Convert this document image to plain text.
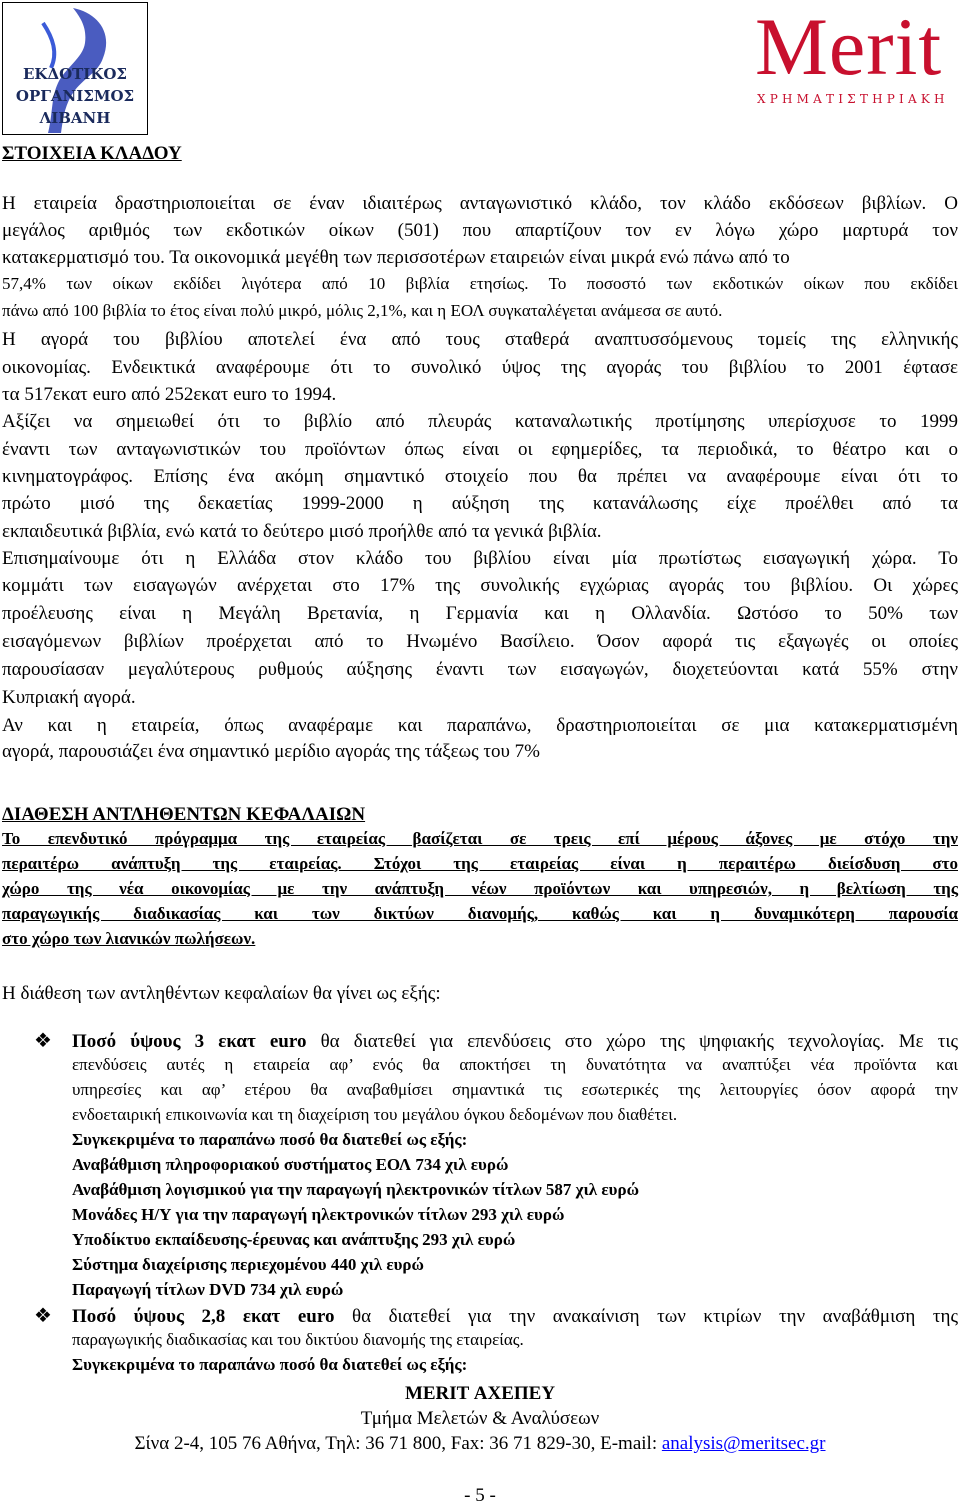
ΕΚΔΟΤΙΚΟΣ
ΟΡΓΑΝΙΣΜΟΣ
ΛΙΒΑΝΗ
Merit
ΧΡΗΜΑΤΙΣΤΗΡΙΑΚΗ
ΣΤΟΙΧΕΙΑ ΚΛΑΔΟΥ
Η εταιρεία δραστηριοποιείται σε έναν ιδιαιτέρως ανταγωνιστικό κλάδο, τον κλάδο εκδόσεων βιβλίων. Ο
μεγάλος αριθμός των εκδοτικών οίκων (501) που απαρτίζουν τον εν λόγω χώρο μαρτυρά τον
κατακερματισμό του. Τα οικονομικά μεγέθη των περισσοτέρων εταιρειών είναι μικρά ενώ πάνω από το
57,4% των οίκων εκδίδει λιγότερα από 10 βιβλία ετησίως. Το ποσοστό των εκδοτικών οίκων που εκδίδει
πάνω από 100 βιβλία το έτος είναι πολύ μικρό, μόλις 2,1%, και η ΕΟΛ συγκαταλέγεται ανάμεσα σε αυτό.
Η αγορά του βιβλίου αποτελεί ένα από τους σταθερά αναπτυσσόμενους τομείς της ελληνικής
οικονομίας. Ενδεικτικά αναφέρουμε ότι το συνολικό ύψος της αγοράς του βιβλίου το 2001 έφτασε
τα 517εκατ euro από 252εκατ euro το 1994.
Αξίζει να σημειωθεί ότι το βιβλίο από πλευράς καταναλωτικής προτίμησης υπερίσχυσε το 1999
έναντι των ανταγωνιστικών του προϊόντων όπως είναι οι εφημερίδες, τα περιοδικά, το θέατρο και ο
κινηματογράφος. Επίσης ένα ακόμη σημαντικό στοιχείο που θα πρέπει να αναφέρουμε είναι ότι το
πρώτο μισό της δεκαετίας 1999-2000 η αύξηση της κατανάλωσης είχε προέλθει από τα
εκπαιδευτικά βιβλία, ενώ κατά το δεύτερο μισό προήλθε από τα γενικά βιβλία.
Επισημαίνουμε ότι η Ελλάδα στον κλάδο του βιβλίου είναι μία πρωτίστως εισαγωγική χώρα. Το
κομμάτι των εισαγωγών ανέρχεται στο 17% της συνολικής εγχώριας αγοράς του βιβλίου. Οι χώρες
προέλευσης είναι η Μεγάλη Βρετανία, η Γερμανία και η Ολλανδία. Ωστόσο το 50% των
εισαγόμενων βιβλίων προέρχεται από το Ηνωμένο Βασίλειο. Όσον αφορά τις εξαγωγές οι οποίες
παρουσίασαν μεγαλύτερους ρυθμούς αύξησης έναντι των εισαγωγών, διοχετεύονται κατά 55% στην
Κυπριακή αγορά.
Αν και η εταιρεία, όπως αναφέραμε και παραπάνω, δραστηριοποιείται σε μια κατακερματισμένη
αγορά, παρουσιάζει ένα σημαντικό μερίδιο αγοράς της τάξεως του 7%
ΔΙΑΘΕΣΗ ΑΝΤΛΗΘΕΝΤΩΝ ΚΕΦΑΛΑΙΩΝ
Το επενδυτικό πρόγραμμα της εταιρείας βασίζεται σε τρεις επί μέρους άξονες με στόχο την
περαιτέρω ανάπτυξη της εταιρείας. Στόχοι της εταιρείας είναι η περαιτέρω διείσδυση στο
χώρο της νέα οικονομίας με την ανάπτυξη νέων προϊόντων και υπηρεσιών, η βελτίωση της
παραγωγικής διαδικασίας και των δικτύων διανομής, καθώς και η δυναμικότερη παρουσία
στο χώρο των λιανικών πωλήσεων.
Η διάθεση των αντληθέντων κεφαλαίων θα γίνει ως εξής:
❖ Ποσό ύψους 3 εκατ euro θα διατεθεί για επενδύσεις στο χώρο της ψηφιακής τεχνολογίας. Με τις
επενδύσεις αυτές η εταιρεία αφ’ ενός θα αποκτήσει τη δυνατότητα να αναπτύξει νέα προϊόντα και
υπηρεσίες και αφ’ ετέρου θα αναβαθμίσει σημαντικά τις εσωτερικές της λειτουργίες όσον αφορά την
ενδοεταιρική επικοινωνία και τη διαχείριση του μεγάλου όγκου δεδομένων που διαθέτει.
Συγκεκριμένα το παραπάνω ποσό θα διατεθεί ως εξής:
Αναβάθμιση πληροφοριακού συστήματος ΕΟΛ 734 χιλ ευρώ
Αναβάθμιση λογισμικού για την παραγωγή ηλεκτρονικών τίτλων 587 χιλ ευρώ
Μονάδες Η/Υ για την παραγωγή ηλεκτρονικών τίτλων 293 χιλ ευρώ
Υποδίκτυο εκπαίδευσης-έρευνας και ανάπτυξης 293 χιλ ευρώ
Σύστημα διαχείρισης περιεχομένου 440 χιλ ευρώ
Παραγωγή τίτλων DVD 734 χιλ ευρώ
❖ Ποσό ύψους 2,8 εκατ euro θα διατεθεί για την ανακαίνιση των κτιρίων την αναβάθμιση της
παραγωγικής διαδικασίας και του δικτύου διανομής της εταιρείας.
Συγκεκριμένα το παραπάνω ποσό θα διατεθεί ως εξής:
MERIT ΑΧΕΠΕΥ
Τμήμα Μελετών & Αναλύσεων
Σίνα 2-4, 105 76 Αθήνα, Τηλ: 36 71 800, Fax: 36 71 829-30, E-mail: analysis@meritsec.gr
- 5 -
